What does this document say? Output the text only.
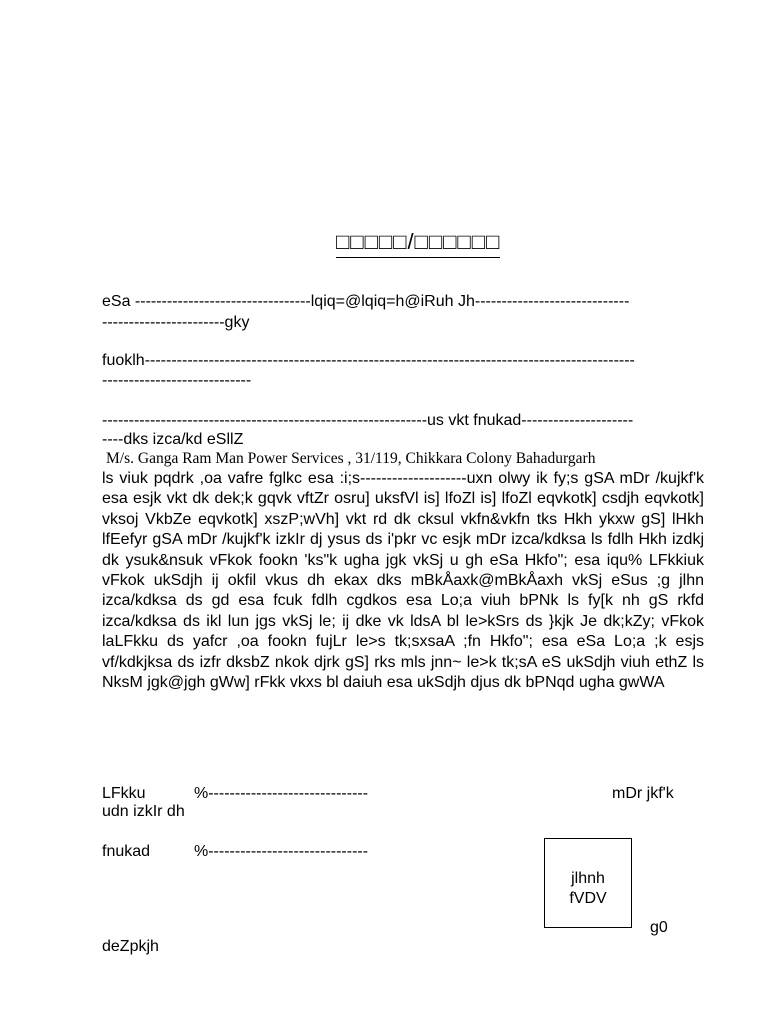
□□□□□/□□□□□□

eSa ---------------------------------lqiq=@lqiq=h@iRuh Jh-----------------------------

-----------------------gky

fuoklh--------------------------------------------------------------------------------------------

----------------------------

-------------------------------------------------------------us vkt fnukad---------------------

----dks izca/kd eSllZ

M/s. Ganga Ram Man Power Services , 31/119, Chikkara Colony Bahadurgarh

ls viuk pqdrk ,oa vafre fglkc esa :i;s--------------------uxn olwy ik fy;s gSA mDr /kujkf'k esa esjk vkt dk dek;k gqvk vftZr osru] uksfVl is] lfoZl is] lfoZl eqvkotk] csdjh eqvkotk] vksoj VkbZe eqvkotk] xszP;wVh] vkt rd dk cksul vkfn&vkfn tks Hkh ykxw gS] lHkh lfEefyr gSA mDr /kujkf'k izkIr dj ysus ds i'pkr vc esjk mDr izca/kdksa ls fdlh Hkh izdkj dk ysuk&nsuk vFkok fookn 'ks"k ugha jgk vkSj u gh eSa Hkfo"; esa iqu% LFkkiuk vFkok ukSdjh ij okfil vkus dh ekax dks mBkÅaxk@mBkÅaxh vkSj eSus ;g jlhn izca/kdksa ds gd esa fcuk fdlh cgdkos esa Lo;a viuh bPNk ls fy[k nh gS rkfd izca/kdksa ds ikl lun jgs vkSj le; ij dke vk ldsA bl le>kSrs ds }kjk Je dk;kZy; vFkok laLFkku ds yafcr ,oa fookn fujLr le>s tk;sxsaA ;fn Hkfo"; esa eSa Lo;a ;k esjs vf/kdkjksa ds izfr dksbZ nkok djrk gS] rks mls jnn~ le>k tk;sA eS ukSdjh viuh ethZ ls NksM jgk@jgh gWw] rFkk vkxs bl daiuh esa ukSdjh djus dk bPNqd ugha gwWA

LFkku	%------------------------------	mDr jkf'k

udn izkIr dh

fnukad	%------------------------------

jlhnh
fVDV

g0

deZpkjh
